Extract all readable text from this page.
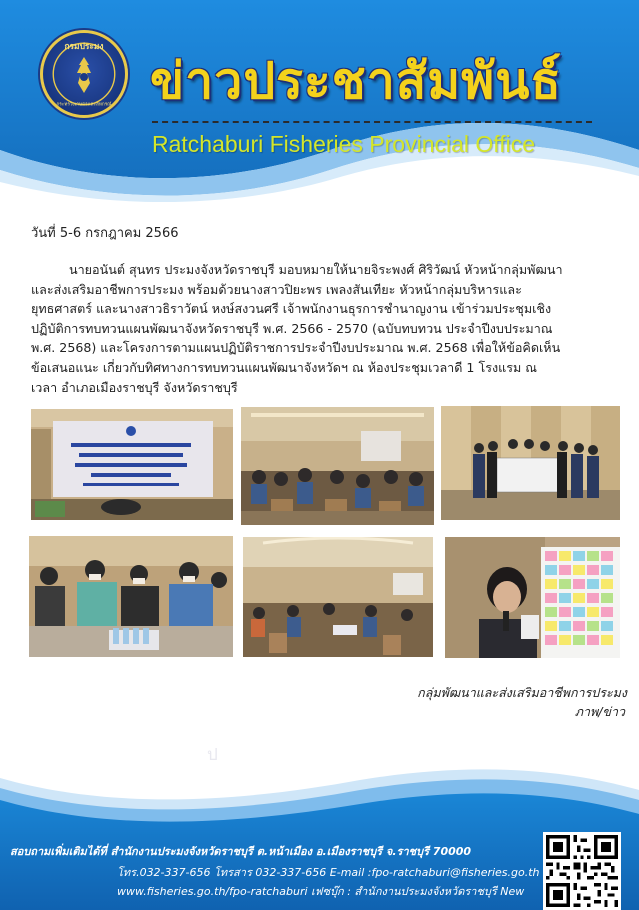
กรมประมง
กระทรวงเกษตรและสหกรณ์ ข่าวประชาสัมพันธ์
Ratchaburi Fisheries Provincial Office
วันที่ 5-6 กรกฎาคม 2566
นายอนันต์ สุนทร ประมงจังหวัดราชบุรี มอบหมายให้นายจิระพงศ์ ศิริวัฒน์ หัวหน้ากลุ่มพัฒนา
และส่งเสริมอาชีพการประมง พร้อมด้วยนางสาวปิยะพร เพลงสันเทียะ หัวหน้ากลุ่มบริหารและ
ยุทธศาสตร์ และนางสาวธิราวัตน์ หงษ์สงวนศรี เจ้าพนักงานธุรการชำนาญงาน เข้าร่วมประชุมเชิง
ปฏิบัติการทบทวนแผนพัฒนาจังหวัดราชบุรี พ.ศ. 2566 - 2570 (ฉบับทบทวน ประจำปีงบประมาณ
พ.ศ. 2568) และโครงการตามแผนปฏิบัติราชการประจำปีงบประมาณ พ.ศ. 2568 เพื่อให้ข้อคิดเห็น
ข้อเสนอแนะ เกี่ยวกับทิศทางการทบทวนแผนพัฒนาจังหวัดฯ ณ ห้องประชุมเวลาดี 1 โรงแรม ณ
เวลา อำเภอเมืองราชบุรี จังหวัดราชบุรี
กลุ่มพัฒนาและส่งเสริมอาชีพการประมง
ภาพ/ข่าว
ป
สอบถามเพิ่มเติมได้ที่ สำนักงานประมงจังหวัดราชบุรี ต.หน้าเมือง อ.เมืองราชบุรี จ.ราชบุรี 70000
โทร.032-337-656 โทรสาร 032-337-656 E-mail :fpo-ratchaburi@fisheries.go.th
www.fisheries.go.th/fpo-ratchaburi เฟซบุ๊ก : สำนักงานประมงจังหวัดราชบุรี New
